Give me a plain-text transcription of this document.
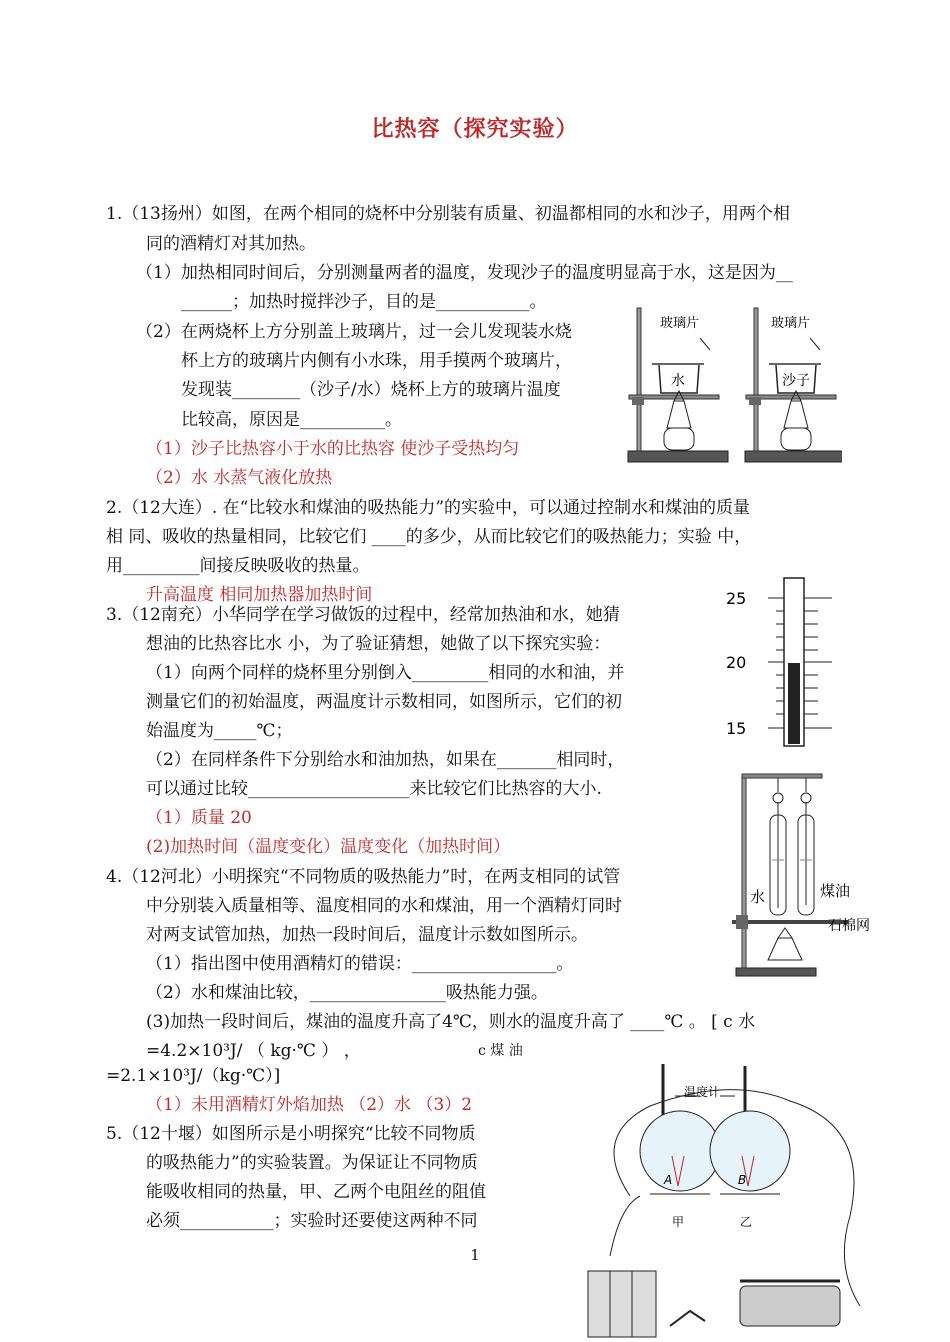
比热容（探究实验）
1.（13扬州）如图，在两个相同的烧杯中分别装有质量、初温都相同的水和沙子，用两个相
同的酒精灯对其加热。
（1）加热相同时间后，分别测量两者的温度，发现沙子的温度明显高于水，这是因为__
______；加热时搅拌沙子，目的是___________。
（2）在两烧杯上方分别盖上玻璃片，过一会儿发现装水烧
杯上方的玻璃片内侧有小水珠，用手摸两个玻璃片，
发现装________（沙子/水）烧杯上方的玻璃片温度
比较高，原因是__________。
（1）沙子比热容小于水的比热容 使沙子受热均匀
（2）水 水蒸气液化放热
玻璃片
水
玻璃片
沙子
2.（12大连）. 在“比较水和煤油的吸热能力”的实验中，可以通过控制水和煤油的质量
相 同、吸收的热量相同，比较它们 ____的多少，从而比较它们的吸热能力；实验 中，
用_________间接反映吸收的热量。
升高温度 相同加热器加热时间
3.（12南充）小华同学在学习做饭的过程中，经常加热油和水，她猜
想油的比热容比水 小，为了验证猜想，她做了以下探究实验：
（1）向两个同样的烧杯里分别倒入_________相同的水和油，并
测量它们的初始温度，两温度计示数相同，如图所示，它们的初
始温度为_____℃；
（2）在同样条件下分别给水和油加热，如果在_______相同时，
可以通过比较___________________来比较它们比热容的大小.
（1）质量 20
(2)加热时间（温度变化）温度变化（加热时间）
25
20
15
4.（12河北）小明探究“不同物质的吸热能力”时，在两支相同的试管
中分别装入质量相等、温度相同的水和煤油，用一个酒精灯同时
对两支试管加热，加热一段时间后，温度计示数如图所示。
（1）指出图中使用酒精灯的错误：_________________。
（2）水和煤油比较，________________吸热能力强。
(3)加热一段时间后，煤油的温度升高了4℃，则水的温度升高了 ____℃ 。 [ c 水
=4.2×10³J/ （ kg·℃ ） ，	c 煤 油
=2.1×10³J/（kg·℃）]
（1）未用酒精灯外焰加热 （2）水 （3）2
水	煤油
石棉网
5.（12十堰）如图所示是小明探究“比较不同物质
的吸热能力”的实验装置。为保证让不同物质
能吸收相同的热量，甲、乙两个电阻丝的阻值
必须___________；实验时还要使这两种不同
温度计
A	B
甲	乙
1
